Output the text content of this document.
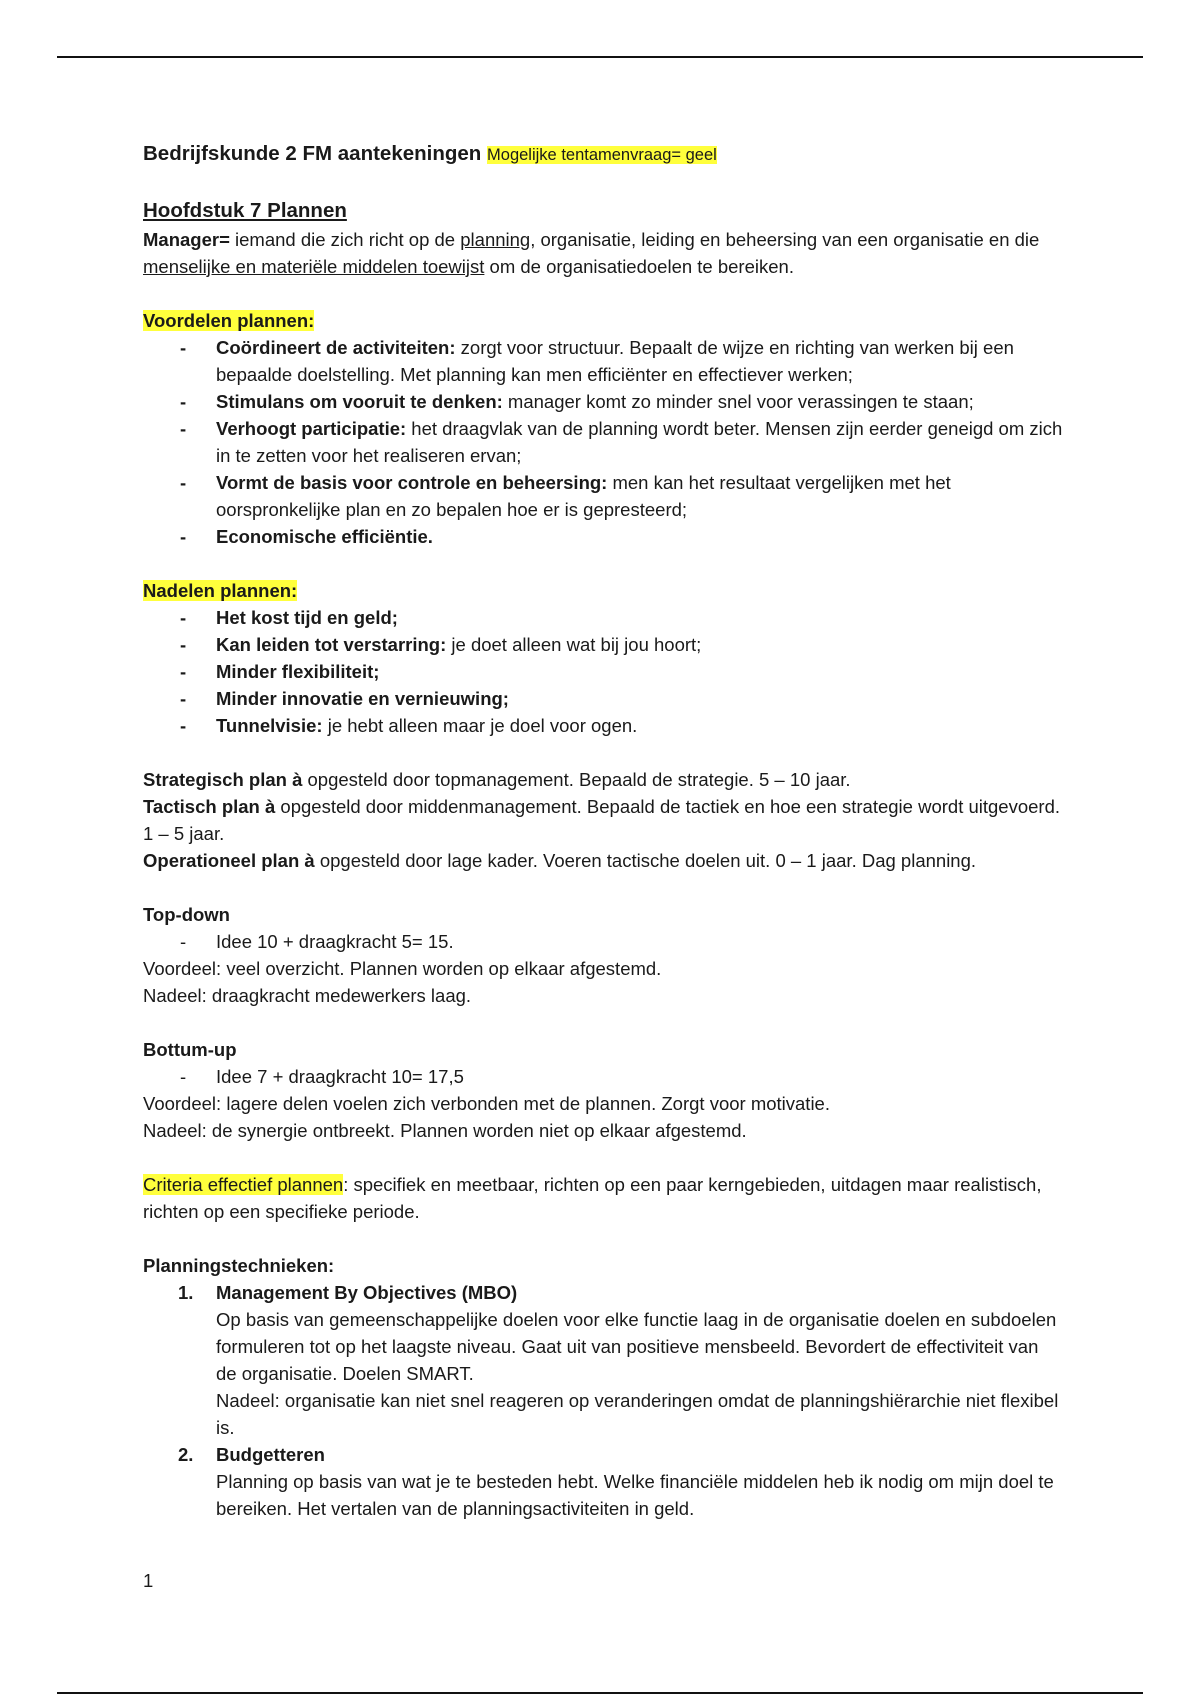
Bedrijfskunde 2 FM aantekeningen Mogelijke tentamenvraag= geel

Hoofdstuk 7 Plannen

Manager= iemand die zich richt op de planning, organisatie, leiding en beheersing van een organisatie en die menselijke en materiële middelen toewijst om de organisatiedoelen te bereiken.

Voordelen plannen:

- Coördineert de activiteiten: zorgt voor structuur. Bepaalt de wijze en richting van werken bij een bepaalde doelstelling. Met planning kan men efficiënter en effectiever werken;
- Stimulans om vooruit te denken: manager komt zo minder snel voor verassingen te staan;
- Verhoogt participatie: het draagvlak van de planning wordt beter. Mensen zijn eerder geneigd om zich in te zetten voor het realiseren ervan;
- Vormt de basis voor controle en beheersing: men kan het resultaat vergelijken met het oorspronkelijke plan en zo bepalen hoe er is gepresteerd;
- Economische efficiëntie.

Nadelen plannen:

- Het kost tijd en geld;
- Kan leiden tot verstarring: je doet alleen wat bij jou hoort;
- Minder flexibiliteit;
- Minder innovatie en vernieuwing;
- Tunnelvisie: je hebt alleen maar je doel voor ogen.

Strategisch plan à opgesteld door topmanagement. Bepaald de strategie. 5 – 10 jaar.

Tactisch plan à opgesteld door middenmanagement. Bepaald de tactiek en hoe een strategie wordt uitgevoerd. 1 – 5 jaar.

Operationeel plan à opgesteld door lage kader. Voeren tactische doelen uit. 0 – 1 jaar. Dag planning.

Top-down

- Idee 10 + draagkracht 5= 15.

Voordeel: veel overzicht. Plannen worden op elkaar afgestemd.

Nadeel: draagkracht medewerkers laag.

Bottum-up

- Idee 7 + draagkracht 10= 17,5

Voordeel: lagere delen voelen zich verbonden met de plannen. Zorgt voor motivatie.

Nadeel: de synergie ontbreekt. Plannen worden niet op elkaar afgestemd.

Criteria effectief plannen: specifiek en meetbaar, richten op een paar kerngebieden, uitdagen maar realistisch, richten op een specifieke periode.

Planningstechnieken:

1. Management By Objectives (MBO)

Op basis van gemeenschappelijke doelen voor elke functie laag in de organisatie doelen en subdoelen formuleren tot op het laagste niveau. Gaat uit van positieve mensbeeld. Bevordert de effectiviteit van de organisatie. Doelen SMART.

Nadeel: organisatie kan niet snel reageren op veranderingen omdat de planningshiërarchie niet flexibel is.

2. Budgetteren

Planning op basis van wat je te besteden hebt. Welke financiële middelen heb ik nodig om mijn doel te bereiken. Het vertalen van de planningsactiviteiten in geld.

1
